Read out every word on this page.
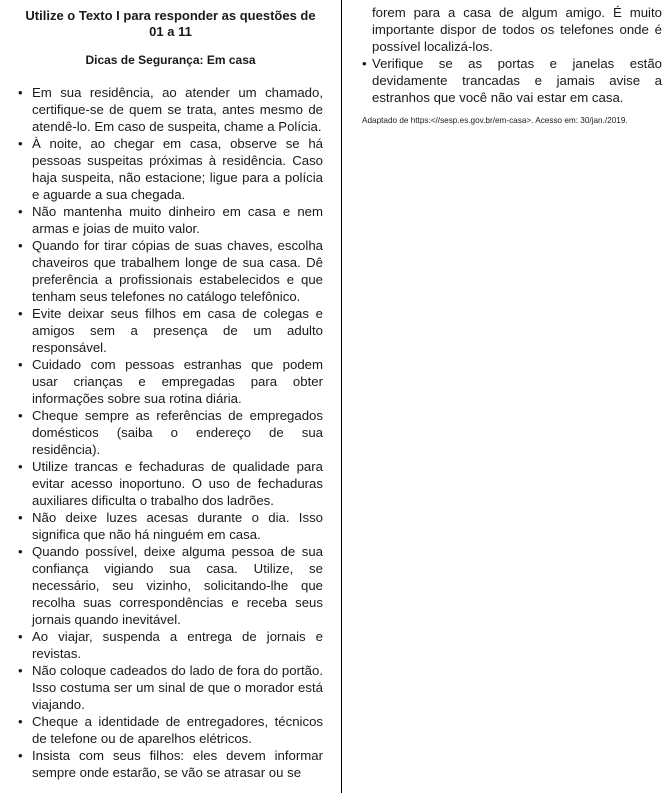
Utilize o Texto I para responder as questões de 01 a 11
Dicas de Segurança: Em casa
• Em sua residência, ao atender um chamado, certifique-se de quem se trata, antes mesmo de atendê-lo. Em caso de suspeita, chame a Polícia.
• À noite, ao chegar em casa, observe se há pessoas suspeitas próximas à residência. Caso haja suspeita, não estacione; ligue para a polícia e aguarde a sua chegada.
• Não mantenha muito dinheiro em casa e nem armas e joias de muito valor.
• Quando for tirar cópias de suas chaves, escolha chaveiros que trabalhem longe de sua casa. Dê preferência a profissionais estabelecidos e que tenham seus telefones no catálogo telefônico.
• Evite deixar seus filhos em casa de colegas e amigos sem a presença de um adulto responsável.
• Cuidado com pessoas estranhas que podem usar crianças e empregadas para obter informações sobre sua rotina diária.
• Cheque sempre as referências de empregados domésticos (saiba o endereço de sua residência).
• Utilize trancas e fechaduras de qualidade para evitar acesso inoportuno. O uso de fechaduras auxiliares dificulta o trabalho dos ladrões.
• Não deixe luzes acesas durante o dia. Isso significa que não há ninguém em casa.
• Quando possível, deixe alguma pessoa de sua confiança vigiando sua casa. Utilize, se necessário, seu vizinho, solicitando-lhe que recolha suas correspondências e receba seus jornais quando inevitável.
• Ao viajar, suspenda a entrega de jornais e revistas.
• Não coloque cadeados do lado de fora do portão. Isso costuma ser um sinal de que o morador está viajando.
• Cheque a identidade de entregadores, técnicos de telefone ou de aparelhos elétricos.
• Insista com seus filhos: eles devem informar sempre onde estarão, se vão se atrasar ou se
forem para a casa de algum amigo. É muito importante dispor de todos os telefones onde é possível localizá-los.
• Verifique se as portas e janelas estão devidamente trancadas e jamais avise a estranhos que você não vai estar em casa.
Adaptado de https:<//sesp.es.gov.br/em-casa>. Acesso em: 30/jan./2019.
